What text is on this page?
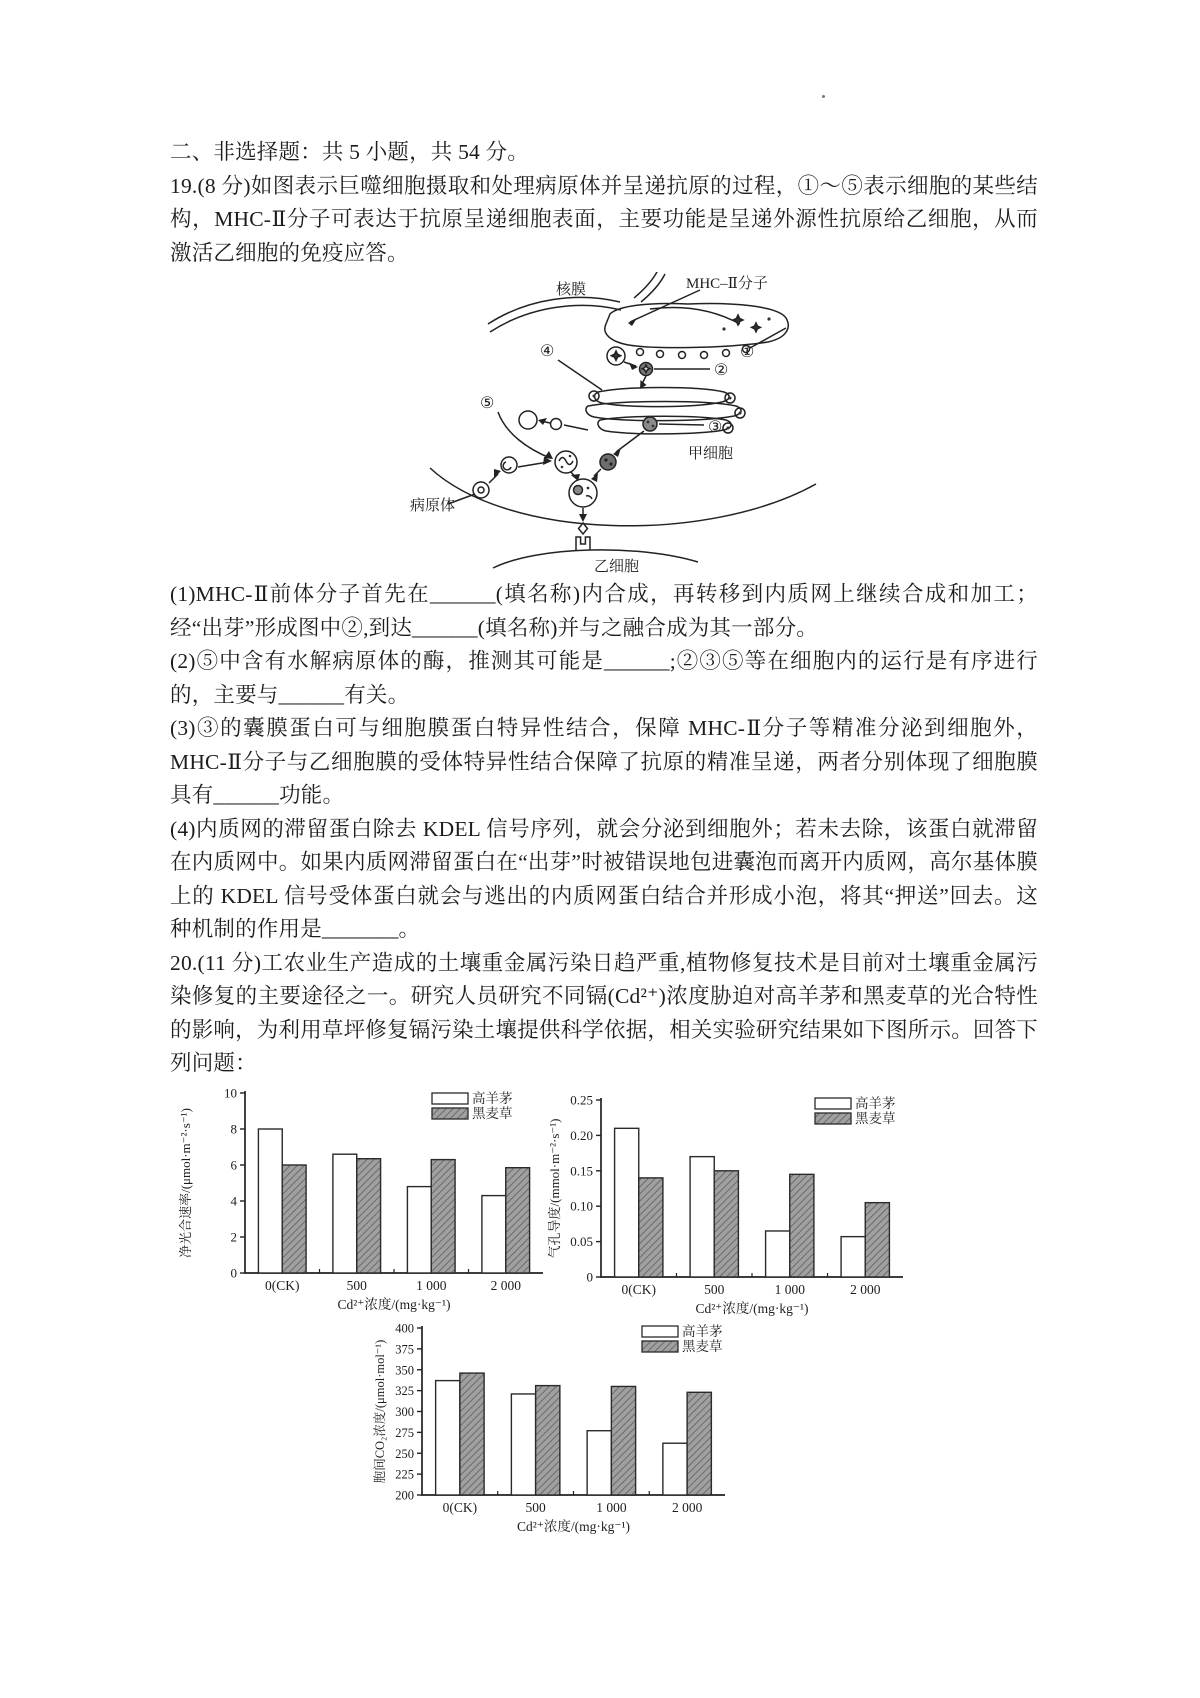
二、非选择题：共 5 小题，共 54 分。

19.(8 分)如图表示巨噬细胞摄取和处理病原体并呈递抗原的过程，①～⑤表示细胞的某些结构，MHC-Ⅱ分子可表达于抗原呈递细胞表面，主要功能是呈递外源性抗原给乙细胞，从而激活乙细胞的免疫应答。

核膜	MHC–Ⅱ分子
①
②
③
④
⑤
病原体
甲细胞
乙细胞

(1)MHC-Ⅱ前体分子首先在______(填名称)内合成，再转移到内质网上继续合成和加工；经“出芽”形成图中②,到达______(填名称)并与之融合成为其一部分。

(2)⑤中含有水解病原体的酶，推测其可能是______;②③⑤等在细胞内的运行是有序进行的，主要与______有关。

(3)③的囊膜蛋白可与细胞膜蛋白特异性结合，保障 MHC-Ⅱ分子等精准分泌到细胞外，MHC-Ⅱ分子与乙细胞膜的受体特异性结合保障了抗原的精准呈递，两者分别体现了细胞膜具有______功能。

(4)内质网的滞留蛋白除去 KDEL 信号序列，就会分泌到细胞外；若未去除，该蛋白就滞留在内质网中。如果内质网滞留蛋白在“出芽”时被错误地包进囊泡而离开内质网，高尔基体膜上的 KDEL 信号受体蛋白就会与逃出的内质网蛋白结合并形成小泡，将其“押送”回去。这种机制的作用是_______。

20.(11 分)工农业生产造成的土壤重金属污染日趋严重,植物修复技术是目前对土壤重金属污染修复的主要途径之一。研究人员研究不同镉(Cd²⁺)浓度胁迫对高羊茅和黑麦草的光合特性的影响，为利用草坪修复镉污染土壤提供科学依据，相关实验研究结果如下图所示。回答下列问题：

0
2
4
6
8
10
0(CK)	500	1 000	2 000
Cd²⁺浓度/(mg·kg⁻¹)
净光合速率/(μmol·m⁻²·s⁻¹)
高羊茅
黑麦草
0
0.05
0.10
0.15
0.20
0.25
0(CK)	500	1 000	2 000
Cd²⁺浓度/(mg·kg⁻¹)
气孔导度/(mmol·m⁻²·s⁻¹)
高羊茅
黑麦草
200
225
250
275
300
325
350
375
400
0(CK)	500	1 000	2 000
Cd²⁺浓度/(mg·kg⁻¹)
胞间CO₂浓度/(μmol·mol⁻¹)
高羊茅
黑麦草
